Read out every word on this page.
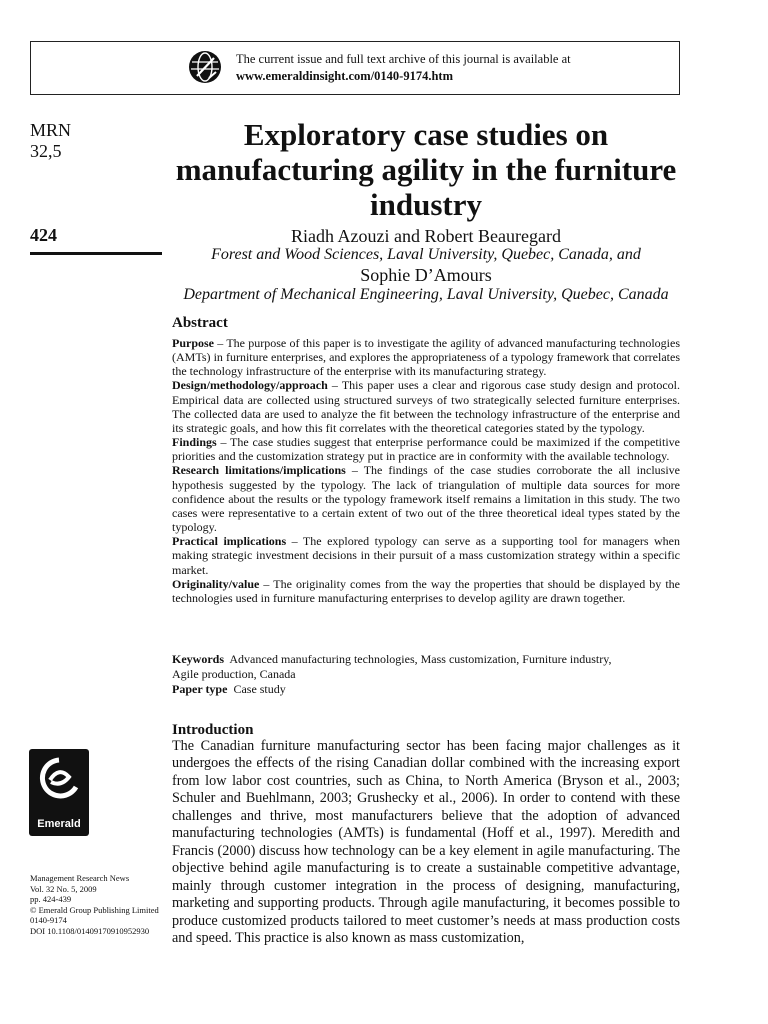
The current issue and full text archive of this journal is available at
www.emeraldinsight.com/0140-9174.htm
MRN
32,5
424
Exploratory case studies on manufacturing agility in the furniture industry
Riadh Azouzi and Robert Beauregard
Forest and Wood Sciences, Laval University, Quebec, Canada, and
Sophie D’Amours
Department of Mechanical Engineering, Laval University, Quebec, Canada
Abstract

Purpose – The purpose of this paper is to investigate the agility of advanced manufacturing technologies (AMTs) in furniture enterprises, and explores the appropriateness of a typology framework that correlates the technology infrastructure of the enterprise with its manufacturing strategy.

Design/methodology/approach – This paper uses a clear and rigorous case study design and protocol. Empirical data are collected using structured surveys of two strategically selected furniture enterprises. The collected data are used to analyze the fit between the technology infrastructure of the enterprise and its strategic goals, and how this fit correlates with the theoretical categories stated by the typology.

Findings – The case studies suggest that enterprise performance could be maximized if the competitive priorities and the customization strategy put in practice are in conformity with the available technology.

Research limitations/implications – The findings of the case studies corroborate the all inclusive hypothesis suggested by the typology. The lack of triangulation of multiple data sources for more confidence about the results or the typology framework itself remains a limitation in this study. The two cases were representative to a certain extent of two out of the three theoretical ideal types stated by the typology.

Practical implications – The explored typology can serve as a supporting tool for managers when making strategic investment decisions in their pursuit of a mass customization strategy within a specific market.

Originality/value – The originality comes from the way the properties that should be displayed by the technologies used in furniture manufacturing enterprises to develop agility are drawn together.

Keywords Advanced manufacturing technologies, Mass customization, Furniture industry,
Agile production, Canada
Paper type Case study
Introduction

The Canadian furniture manufacturing sector has been facing major challenges as it undergoes the effects of the rising Canadian dollar combined with the increasing export from low labor cost countries, such as China, to North America (Bryson et al., 2003; Schuler and Buehlmann, 2003; Grushecky et al., 2006). In order to contend with these challenges and thrive, most manufacturers believe that the adoption of advanced manufacturing technologies (AMTs) is fundamental (Hoff et al., 1997). Meredith and Francis (2000) discuss how technology can be a key element in agile manufacturing. The objective behind agile manufacturing is to create a sustainable competitive advantage, mainly through customer integration in the process of designing, manufacturing, marketing and supporting products. Through agile manufacturing, it becomes possible to produce customized products tailored to meet customer’s needs at mass production costs and speed. This practice is also known as mass customization,

Emerald
Management Research News
Vol. 32 No. 5, 2009
pp. 424-439
© Emerald Group Publishing Limited
0140-9174
DOI 10.1108/01409170910952930
